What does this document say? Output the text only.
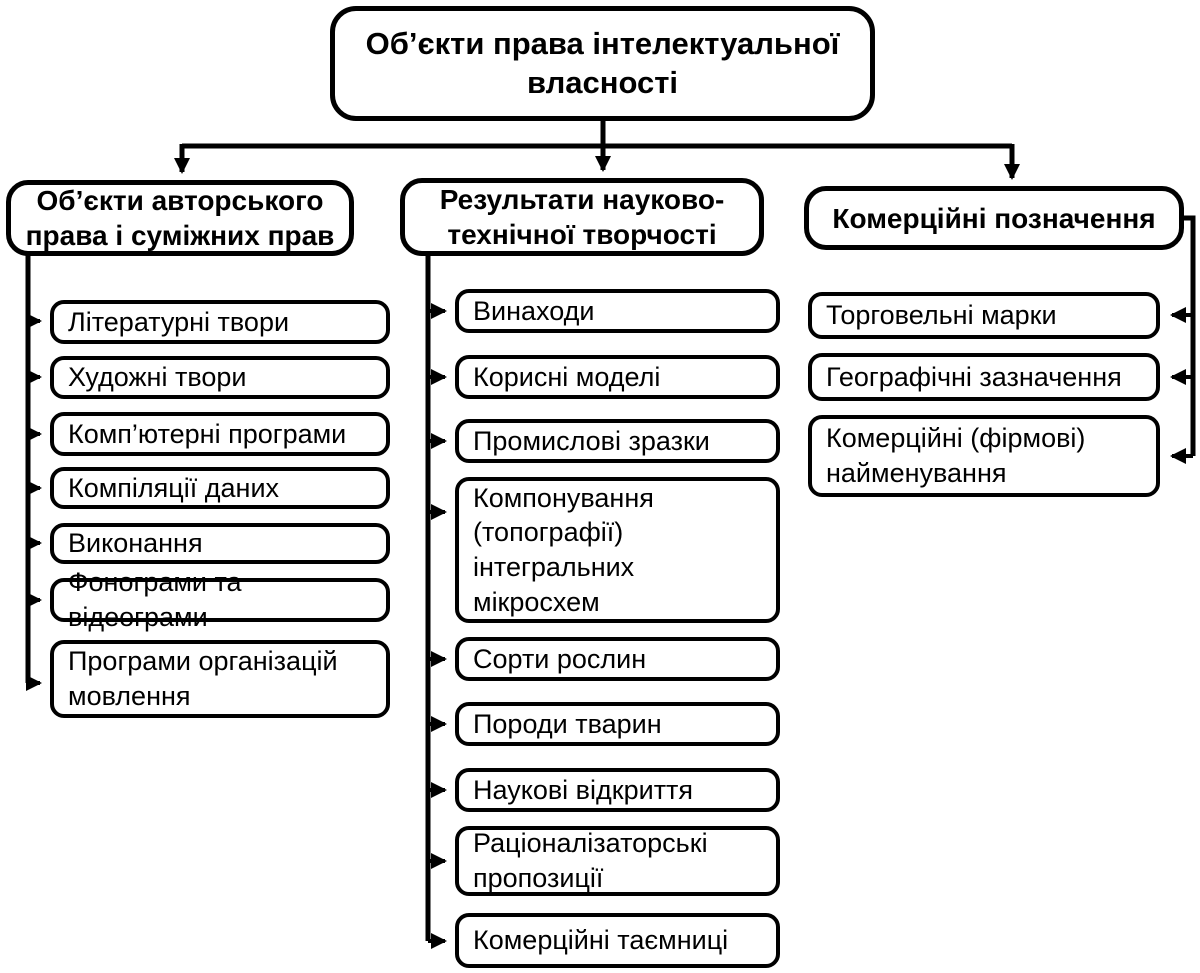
Об’єкти права інтелектуальної власності
Об’єкти авторського права і суміжних прав
Результати науково-технічної творчості
Комерційні позначення
Літературні твори
Художні твори
Комп’ютерні програми
Компіляції даних
Виконання
Фонограми та відеограми
Програми організацій мовлення
Винаходи
Корисні моделі
Промислові зразки
Компонування (топографії) інтегральних мікросхем
Сорти рослин
Породи тварин
Наукові відкриття
Раціоналізаторські пропозиції
Комерційні таємниці
Торговельні марки
Географічні зазначення
Комерційні (фірмові) найменування
